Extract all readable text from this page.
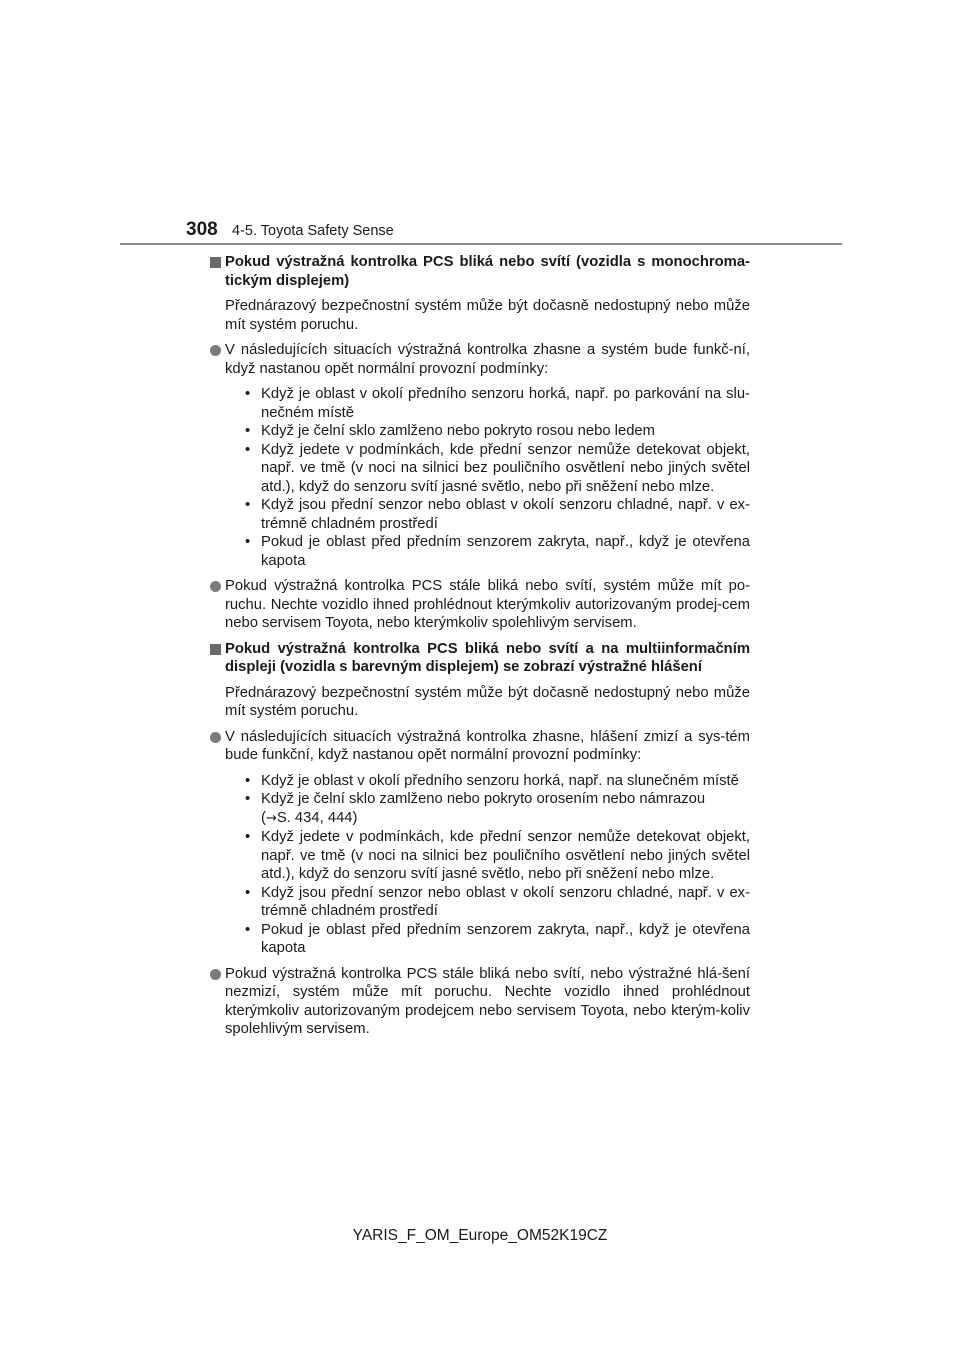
308 4-5. Toyota Safety Sense
Pokud výstražná kontrolka PCS bliká nebo svítí (vozidla s monochroma-tickým displejem)
Přednárazový bezpečnostní systém může být dočasně nedostupný nebo může mít systém poruchu.
V následujících situacích výstražná kontrolka zhasne a systém bude funkč-ní, když nastanou opět normální provozní podmínky:
• Když je oblast v okolí předního senzoru horká, např. po parkování na slu-nečném místě
• Když je čelní sklo zamlženo nebo pokryto rosou nebo ledem
• Když jedete v podmínkách, kde přední senzor nemůže detekovat objekt, např. ve tmě (v noci na silnici bez pouličního osvětlení nebo jiných světel atd.), když do senzoru svítí jasné světlo, nebo při sněžení nebo mlze.
• Když jsou přední senzor nebo oblast v okolí senzoru chladné, např. v ex-trémně chladném prostředí
• Pokud je oblast před předním senzorem zakryta, např., když je otevřena kapota
Pokud výstražná kontrolka PCS stále bliká nebo svítí, systém může mít po-ruchu. Nechte vozidlo ihned prohlédnout kterýmkoliv autorizovaným prodej-cem nebo servisem Toyota, nebo kterýmkoliv spolehlivým servisem.
Pokud výstražná kontrolka PCS bliká nebo svítí a na multiinformačním displeji (vozidla s barevným displejem) se zobrazí výstražné hlášení
Přednárazový bezpečnostní systém může být dočasně nedostupný nebo může mít systém poruchu.
V následujících situacích výstražná kontrolka zhasne, hlášení zmizí a sys-tém bude funkční, když nastanou opět normální provozní podmínky:
• Když je oblast v okolí předního senzoru horká, např. na slunečném místě
• Když je čelní sklo zamlženo nebo pokryto orosením nebo námrazou
(→S. 434, 444)
• Když jedete v podmínkách, kde přední senzor nemůže detekovat objekt, např. ve tmě (v noci na silnici bez pouličního osvětlení nebo jiných světel atd.), když do senzoru svítí jasné světlo, nebo při sněžení nebo mlze.
• Když jsou přední senzor nebo oblast v okolí senzoru chladné, např. v ex-trémně chladném prostředí
• Pokud je oblast před předním senzorem zakryta, např., když je otevřena kapota
Pokud výstražná kontrolka PCS stále bliká nebo svítí, nebo výstražné hlá-šení nezmizí, systém může mít poruchu. Nechte vozidlo ihned prohlédnout kterýmkoliv autorizovaným prodejcem nebo servisem Toyota, nebo kterým-koliv spolehlivým servisem.
YARIS_F_OM_Europe_OM52K19CZ
